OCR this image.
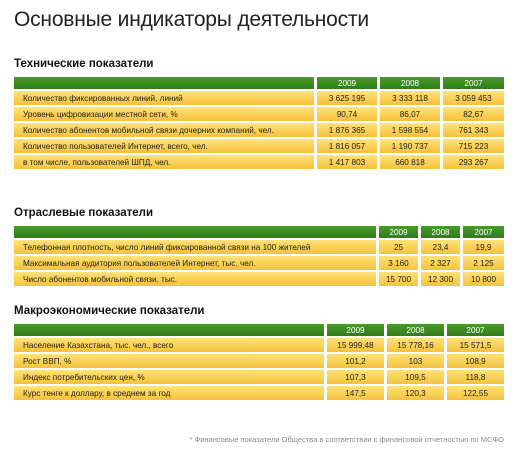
Основные индикаторы деятельности
Технические показатели
	2009	2008	2007
Количество фиксированных линий, линий	3 625 195	3 333 118	3 059 453
Уровень цифровизации местной сети, %	90,74	86,07	82,67
Количество абонентов мобильной связи дочерних компаний, чел.	1 876 365	1 598 554	761 343
Количество пользователей Интернет, всего, чел.	1 816 057	1 190 737	715 223
в том числе, пользователей ШПД, чел.	1 417 803	660 818	293 267
Отраслевые показатели
	2009	2008	2007
Телефонная плотность, число линий фиксированной связи на 100 жителей	25	23,4	19,9
Максимальная аудитория пользователей Интернет, тыс. чел.	3 160	2 327	2 125
Число абонентов мобильной связи, тыс.	15 700	12 300	10 800
Макроэкономические показатели
	2009	2008	2007
Население Казахстана, тыс. чел., всего	15 999,48	15 778,16	15 571,5
Рост ВВП, %	101,2	103	108,9
Индекс потребительских цен, %	107,3	109,5	118,8
Курс тенге к доллару, в среднем за год	147,5	120,3	122,55
* Финансовые показатели Общества в соответствии с финансовой отчетностью по МСФО
